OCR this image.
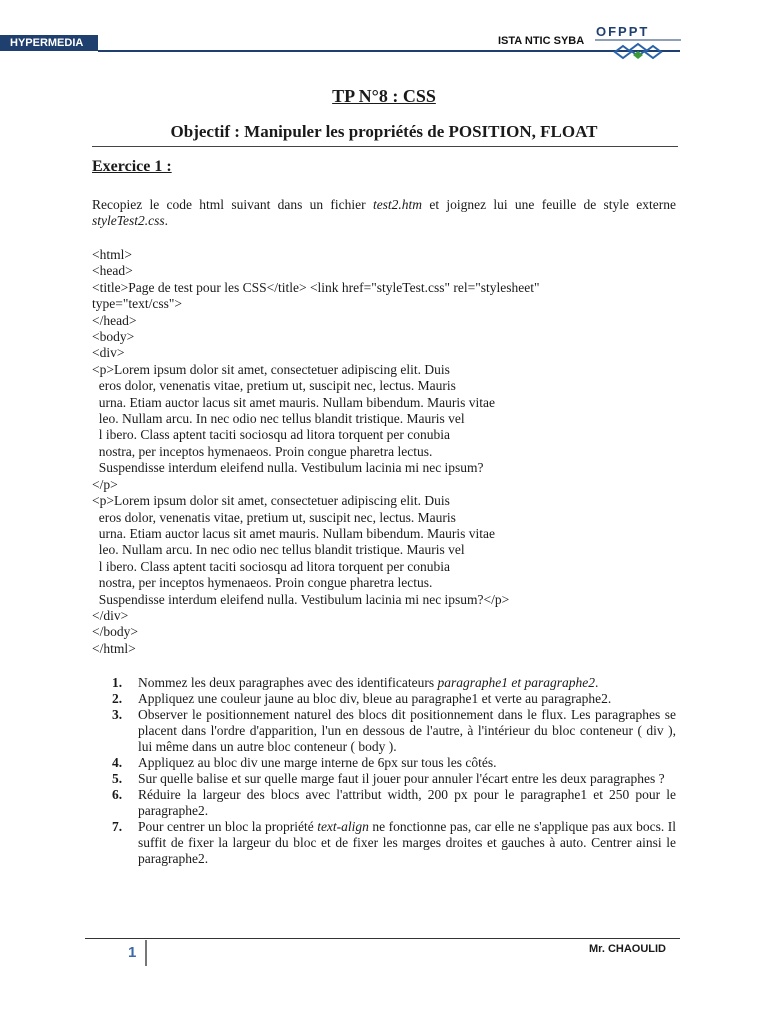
HYPERMEDIA	ISTA NTIC SYBA
OFPPT
TP N°8 : CSS
Objectif : Manipuler les propriétés de POSITION, FLOAT
Exercice 1 :
Recopiez le code html suivant dans un fichier test2.htm et joignez lui une feuille de style externe styleTest2.css.
<html>
<head>
<title>Page de test pour les CSS</title> <link href="styleTest.css" rel="stylesheet"
type="text/css">
</head>
<body>
<div>
<p>Lorem ipsum dolor sit amet, consectetuer adipiscing elit. Duis
eros dolor, venenatis vitae, pretium ut, suscipit nec, lectus. Mauris
urna. Etiam auctor lacus sit amet mauris. Nullam bibendum. Mauris vitae
leo. Nullam arcu. In nec odio nec tellus blandit tristique. Mauris vel
l ibero. Class aptent taciti sociosqu ad litora torquent per conubia
nostra, per inceptos hymenaeos. Proin congue pharetra lectus.
Suspendisse interdum eleifend nulla. Vestibulum lacinia mi nec ipsum?
</p>
<p>Lorem ipsum dolor sit amet, consectetuer adipiscing elit. Duis
eros dolor, venenatis vitae, pretium ut, suscipit nec, lectus. Mauris
urna. Etiam auctor lacus sit amet mauris. Nullam bibendum. Mauris vitae
leo. Nullam arcu. In nec odio nec tellus blandit tristique. Mauris vel
l ibero. Class aptent taciti sociosqu ad litora torquent per conubia
nostra, per inceptos hymenaeos. Proin congue pharetra lectus.
Suspendisse interdum eleifend nulla. Vestibulum lacinia mi nec ipsum?</p>
</div>
</body>
</html>
1. Nommez les deux paragraphes avec des identificateurs paragraphe1 et paragraphe2.
2. Appliquez une couleur jaune au bloc div, bleue au paragraphe1 et verte au paragraphe2.
3. Observer le positionnement naturel des blocs dit positionnement dans le flux. Les paragraphes se placent dans l'ordre d'apparition, l'un en dessous de l'autre, à l'intérieur du bloc conteneur ( div ), lui même dans un autre bloc conteneur ( body ).
4. Appliquez au bloc div une marge interne de 6px sur tous les côtés.
5. Sur quelle balise et sur quelle marge faut il jouer pour annuler l'écart entre les deux paragraphes ?
6. Réduire la largeur des blocs avec l'attribut width, 200 px pour le paragraphe1 et 250 pour le paragraphe2.
7. Pour centrer un bloc la propriété text-align ne fonctionne pas, car elle ne s'applique pas aux bocs. Il suffit de fixer la largeur du bloc et de fixer les marges droites et gauches à auto. Centrer ainsi le paragraphe2.
1	Mr. CHAOULID
